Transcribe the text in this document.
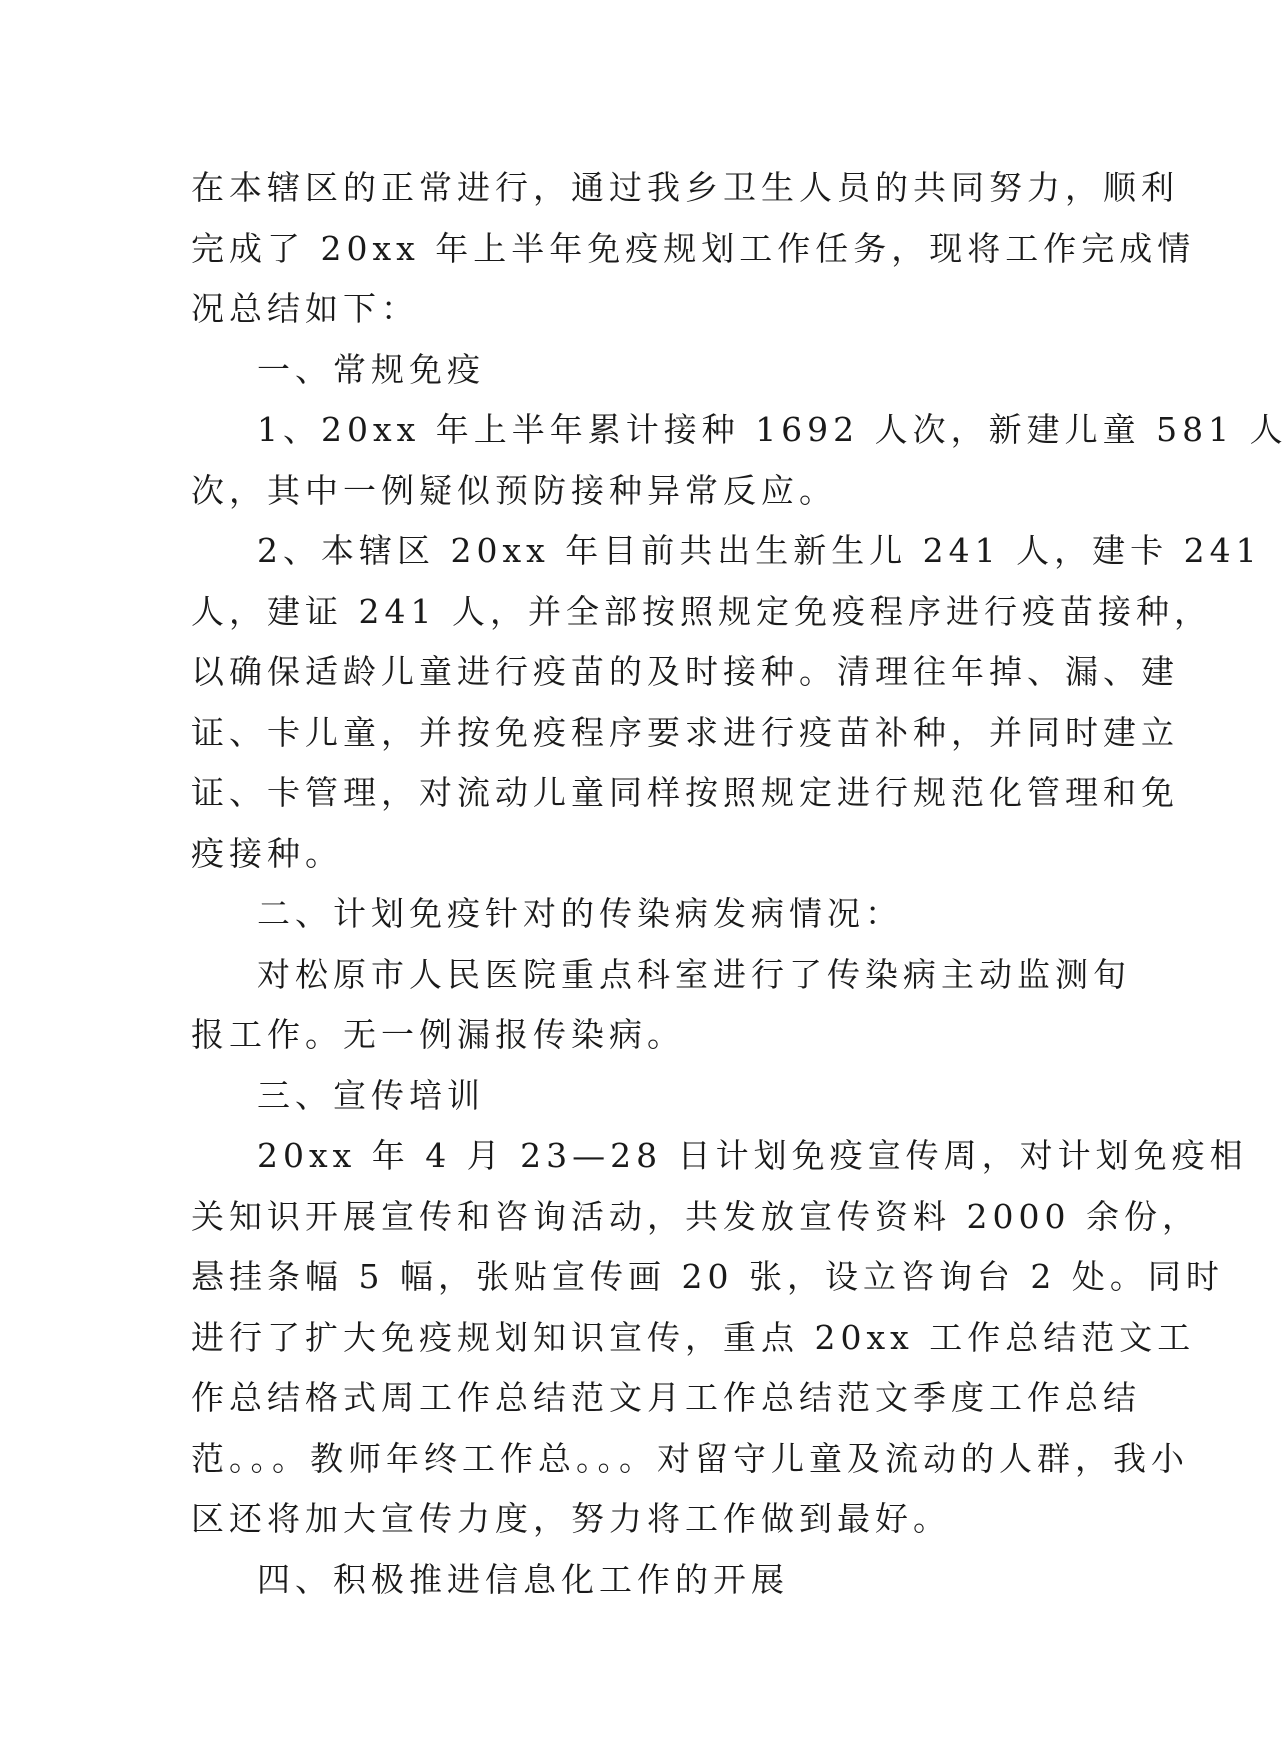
在本辖区的正常进行，通过我乡卫生人员的共同努力，顺利
完成了 20xx 年上半年免疫规划工作任务，现将工作完成情
况总结如下：
一、常规免疫
1、20xx 年上半年累计接种 1692 人次，新建儿童 581 人
次，其中一例疑似预防接种异常反应。
2、本辖区 20xx 年目前共出生新生儿 241 人，建卡 241
人，建证 241 人，并全部按照规定免疫程序进行疫苗接种，
以确保适龄儿童进行疫苗的及时接种。清理往年掉、漏、建
证、卡儿童，并按免疫程序要求进行疫苗补种，并同时建立
证、卡管理，对流动儿童同样按照规定进行规范化管理和免
疫接种。
二、计划免疫针对的传染病发病情况：
对松原市人民医院重点科室进行了传染病主动监测旬
报工作。无一例漏报传染病。
三、宣传培训
20xx 年 4 月 23—28 日计划免疫宣传周，对计划免疫相
关知识开展宣传和咨询活动，共发放宣传资料 2000 余份，
悬挂条幅 5 幅，张贴宣传画 20 张，设立咨询台 2 处。同时
进行了扩大免疫规划知识宣传，重点 20xx 工作总结范文工
作总结格式周工作总结范文月工作总结范文季度工作总结
范。。。教师年终工作总。。。对留守儿童及流动的人群，我小
区还将加大宣传力度，努力将工作做到最好。
四、积极推进信息化工作的开展
